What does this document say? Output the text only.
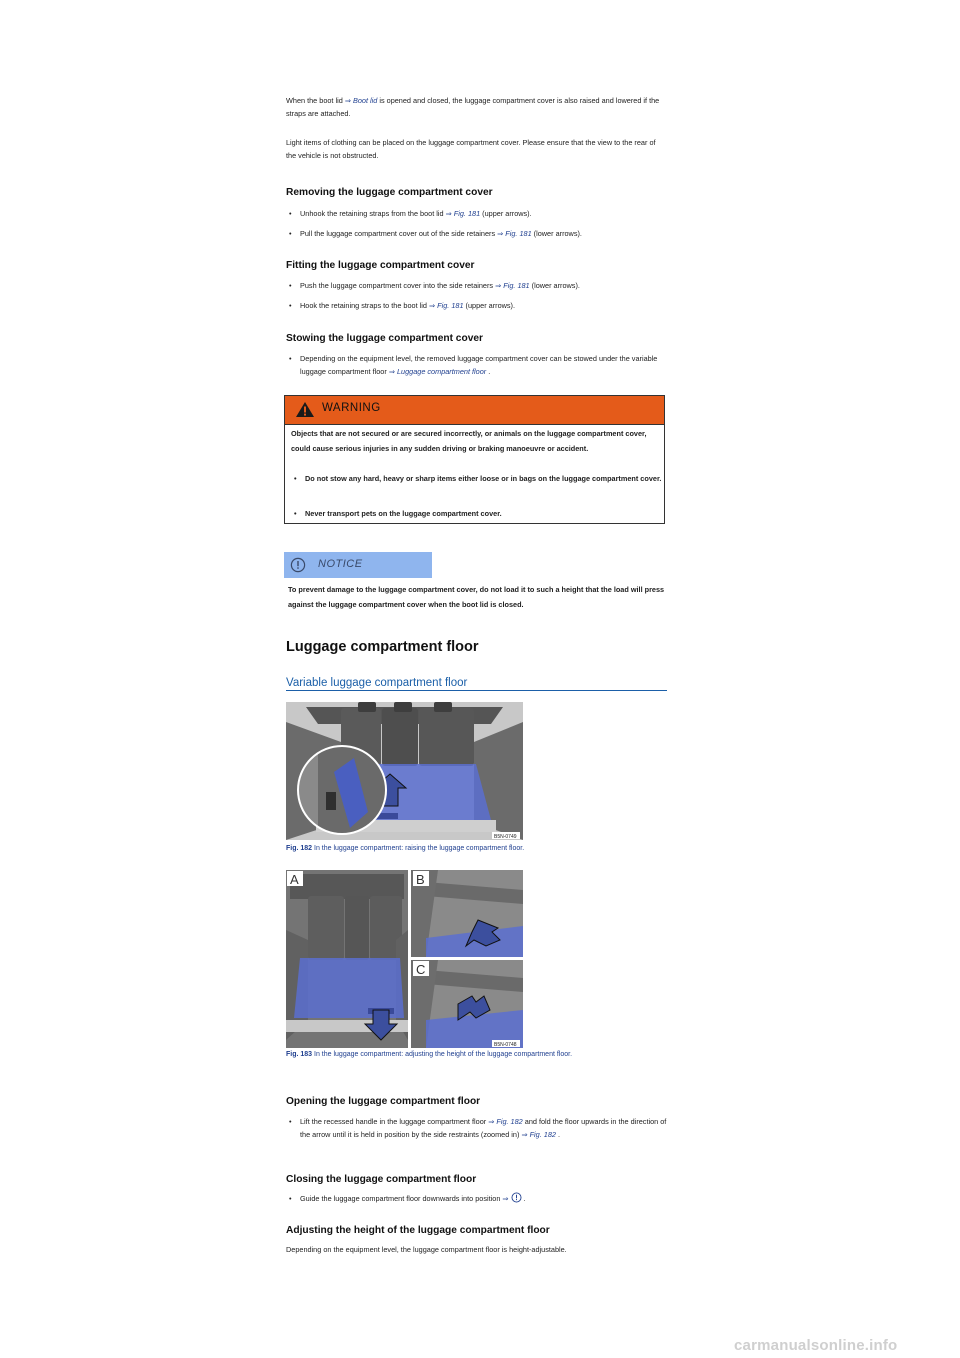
When the boot lid ⇒ Boot lid is opened and closed, the luggage compartment cover is also raised and lowered if the straps are attached.

Light items of clothing can be placed on the luggage compartment cover. Please ensure that the view to the rear of the vehicle is not obstructed.

Removing the luggage compartment cover

• Unhook the retaining straps from the boot lid ⇒ Fig. 181 (upper arrows).

• Pull the luggage compartment cover out of the side retainers ⇒ Fig. 181 (lower arrows).

Fitting the luggage compartment cover

• Push the luggage compartment cover into the side retainers ⇒ Fig. 181 (lower arrows).

• Hook the retaining straps to the boot lid ⇒ Fig. 181 (upper arrows).

Stowing the luggage compartment cover

• Depending on the equipment level, the removed luggage compartment cover can be stowed under the variable luggage compartment floor ⇒ Luggage compartment floor .

WARNING
Objects that are not secured or are secured incorrectly, or animals on the luggage compartment cover, could cause serious injuries in any sudden driving or braking manoeuvre or accident.
• Do not stow any hard, heavy or sharp items either loose or in bags on the luggage compartment cover.
• Never transport pets on the luggage compartment cover.
NOTICE

To prevent damage to the luggage compartment cover, do not load it to such a height that the load will press against the luggage compartment cover when the boot lid is closed.

Luggage compartment floor

Variable luggage compartment floor

B5N-0749

Fig. 182 In the luggage compartment: raising the luggage compartment floor.

A	B
C
B5N-0748

Fig. 183 In the luggage compartment: adjusting the height of the luggage compartment floor.

Opening the luggage compartment floor

• Lift the recessed handle in the luggage compartment floor ⇒ Fig. 182 and fold the floor upwards in the direction of the arrow until it is held in position by the side restraints (zoomed in) ⇒ Fig. 182 .

Closing the luggage compartment floor

• Guide the luggage compartment floor downwards into position ⇒ .

Adjusting the height of the luggage compartment floor

Depending on the equipment level, the luggage compartment floor is height-adjustable.

carmanualsonline.info
